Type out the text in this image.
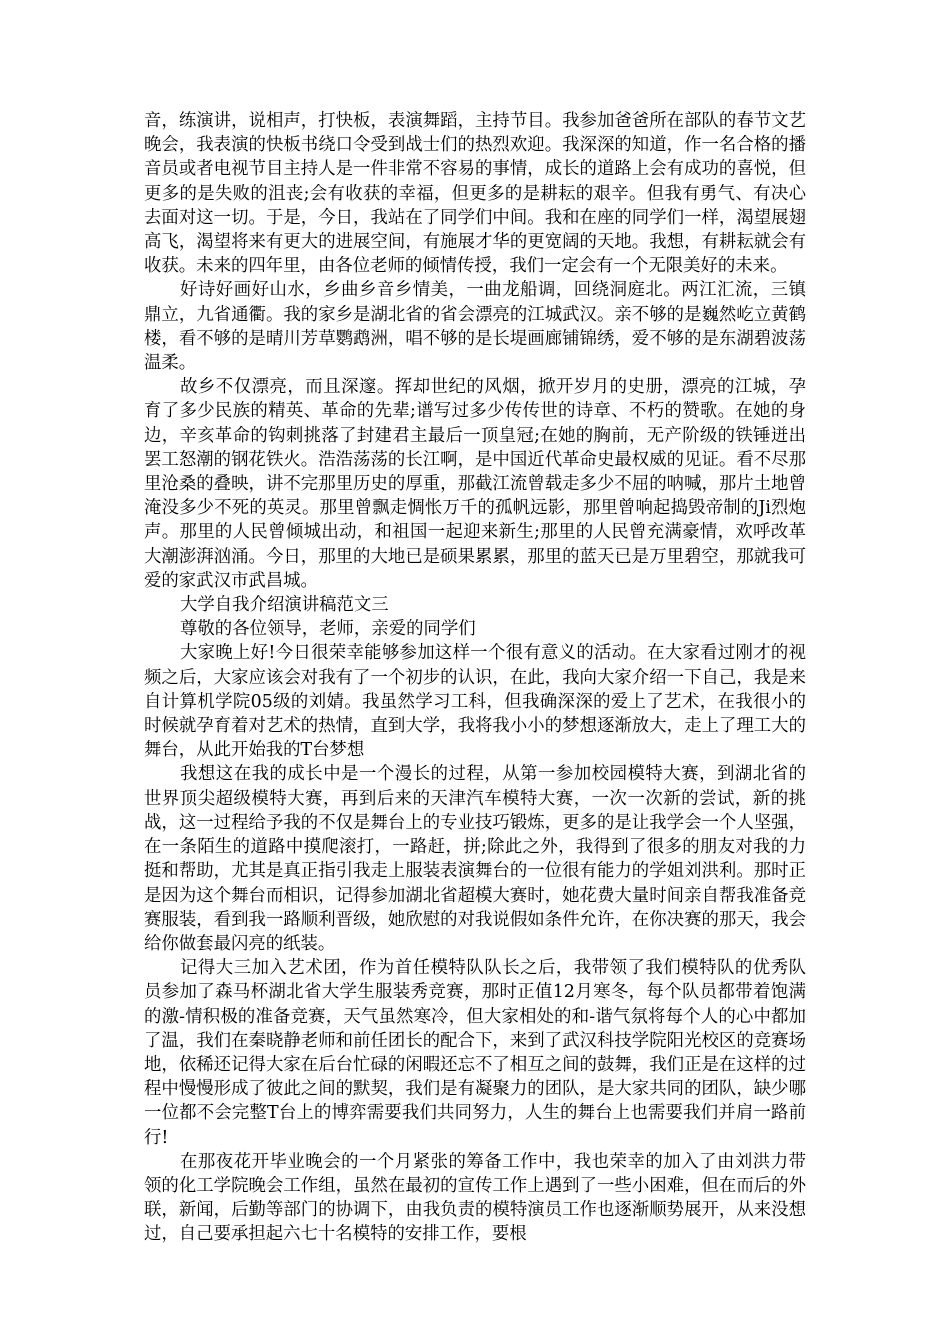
音，练演讲，说相声，打快板，表演舞蹈，主持节目。我参加爸爸所在部队的春节文艺晚会，我表演的快板书绕口令受到战士们的热烈欢迎。我深深的知道，作一名合格的播音员或者电视节目主持人是一件非常不容易的事情，成长的道路上会有成功的喜悦，但更多的是失败的沮丧;会有收获的幸福，但更多的是耕耘的艰辛。但我有勇气、有决心去面对这一切。于是，今日，我站在了同学们中间。我和在座的同学们一样，渴望展翅高飞，渴望将来有更大的进展空间，有施展才华的更宽阔的天地。我想，有耕耘就会有收获。未来的四年里，由各位老师的倾情传授，我们一定会有一个无限美好的未来。

好诗好画好山水，乡曲乡音乡情美，一曲龙船调，回绕洞庭北。两江汇流，三镇鼎立，九省通衢。我的家乡是湖北省的省会漂亮的江城武汉。亲不够的是巍然屹立黄鹤楼，看不够的是晴川芳草鹦鹉洲，唱不够的是长堤画廊铺锦绣，爱不够的是东湖碧波荡温柔。

故乡不仅漂亮，而且深邃。挥却世纪的风烟，掀开岁月的史册，漂亮的江城，孕育了多少民族的精英、革命的先辈;谱写过多少传传世的诗章、不朽的赞歌。在她的身边，辛亥革命的钩刺挑落了封建君主最后一顶皇冠;在她的胸前，无产阶级的铁锤迸出罢工怒潮的钢花铁火。浩浩荡荡的长江啊，是中国近代革命史最权威的见证。看不尽那里沧桑的叠映，讲不完那里历史的厚重，那截江流曾载走多少不屈的呐喊，那片土地曾淹没多少不死的英灵。那里曾飘走惆怅万千的孤帆远影，那里曾响起捣毁帝制的Ji烈炮声。那里的人民曾倾城出动，和祖国一起迎来新生;那里的人民曾充满豪情，欢呼改革大潮澎湃汹涌。今日，那里的大地已是硕果累累，那里的蓝天已是万里碧空，那就我可爱的家武汉市武昌城。

大学自我介绍演讲稿范文三

尊敬的各位领导，老师，亲爱的同学们

大家晚上好!今日很荣幸能够参加这样一个很有意义的活动。在大家看过刚才的视频之后，大家应该会对我有了一个初步的认识，在此，我向大家介绍一下自己，我是来自计算机学院05级的刘婧。我虽然学习工科，但我确深深的爱上了艺术，在我很小的时候就孕育着对艺术的热情，直到大学，我将我小小的梦想逐渐放大，走上了理工大的舞台，从此开始我的T台梦想

我想这在我的成长中是一个漫长的过程，从第一参加校园模特大赛，到湖北省的世界顶尖超级模特大赛，再到后来的天津汽车模特大赛，一次一次新的尝试，新的挑战，这一过程给予我的不仅是舞台上的专业技巧锻炼，更多的是让我学会一个人坚强，在一条陌生的道路中摸爬滚打，一路赶，拼;除此之外，我得到了很多的朋友对我的力挺和帮助，尤其是真正指引我走上服装表演舞台的一位很有能力的学姐刘洪利。那时正是因为这个舞台而相识，记得参加湖北省超模大赛时，她花费大量时间亲自帮我准备竞赛服装，看到我一路顺利晋级，她欣慰的对我说假如条件允许，在你决赛的那天，我会给你做套最闪亮的纸装。

记得大三加入艺术团，作为首任模特队队长之后，我带领了我们模特队的优秀队员参加了森马杯湖北省大学生服装秀竞赛，那时正值12月寒冬，每个队员都带着饱满的激-情积极的准备竞赛，天气虽然寒冷，但大家相处的和-谐气氛将每个人的心中都加了温，我们在秦晓静老师和前任团长的配合下，来到了武汉科技学院阳光校区的竞赛场地，依稀还记得大家在后台忙碌的闲暇还忘不了相互之间的鼓舞，我们正是在这样的过程中慢慢形成了彼此之间的默契，我们是有凝聚力的团队，是大家共同的团队，缺少哪一位都不会完整T台上的博弈需要我们共同努力，人生的舞台上也需要我们并肩一路前行!

在那夜花开毕业晚会的一个月紧张的筹备工作中，我也荣幸的加入了由刘洪力带领的化工学院晚会工作组，虽然在最初的宣传工作上遇到了一些小困难，但在而后的外联，新闻，后勤等部门的协调下，由我负责的模特演员工作也逐渐顺势展开，从来没想过，自己要承担起六七十名模特的安排工作，要根
